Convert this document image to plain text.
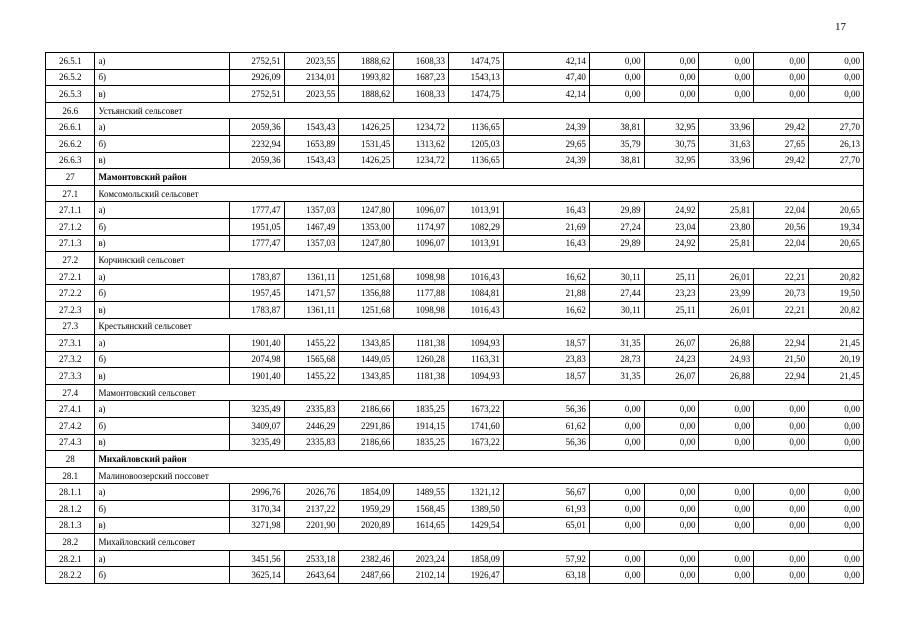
17
26.5.1	а)	2752,51	2023,55	1888,62	1608,33	1474,75	42,14	0,00	0,00	0,00	0,00	0,00
26.5.2	б)	2926,09	2134,01	1993,82	1687,23	1543,13	47,40	0,00	0,00	0,00	0,00	0,00
26.5.3	в)	2752,51	2023,55	1888,62	1608,33	1474,75	42,14	0,00	0,00	0,00	0,00	0,00
26.6	Устьянский сельсовет											
26.6.1	а)	2059,36	1543,43	1426,25	1234,72	1136,65	24,39	38,81	32,95	33,96	29,42	27,70
26.6.2	б)	2232,94	1653,89	1531,45	1313,62	1205,03	29,65	35,79	30,75	31,63	27,65	26,13
26.6.3	в)	2059,36	1543,43	1426,25	1234,72	1136,65	24,39	38,81	32,95	33,96	29,42	27,70
27	Мамонтовский район											
27.1	Комсомольский сельсовет											
27.1.1	а)	1777,47	1357,03	1247,80	1096,07	1013,91	16,43	29,89	24,92	25,81	22,04	20,65
27.1.2	б)	1951,05	1467,49	1353,00	1174,97	1082,29	21,69	27,24	23,04	23,80	20,56	19,34
27.1.3	в)	1777,47	1357,03	1247,80	1096,07	1013,91	16,43	29,89	24,92	25,81	22,04	20,65
27.2	Корчинский сельсовет											
27.2.1	а)	1783,87	1361,11	1251,68	1098,98	1016,43	16,62	30,11	25,11	26,01	22,21	20,82
27.2.2	б)	1957,45	1471,57	1356,88	1177,88	1084,81	21,88	27,44	23,23	23,99	20,73	19,50
27.2.3	в)	1783,87	1361,11	1251,68	1098,98	1016,43	16,62	30,11	25,11	26,01	22,21	20,82
27.3	Крестьянский сельсовет											
27.3.1	а)	1901,40	1455,22	1343,85	1181,38	1094,93	18,57	31,35	26,07	26,88	22,94	21,45
27.3.2	б)	2074,98	1565,68	1449,05	1260,28	1163,31	23,83	28,73	24,23	24,93	21,50	20,19
27.3.3	в)	1901,40	1455,22	1343,85	1181,38	1094,93	18,57	31,35	26,07	26,88	22,94	21,45
27.4	Мамонтовский сельсовет											
27.4.1	а)	3235,49	2335,83	2186,66	1835,25	1673,22	56,36	0,00	0,00	0,00	0,00	0,00
27.4.2	б)	3409,07	2446,29	2291,86	1914,15	1741,60	61,62	0,00	0,00	0,00	0,00	0,00
27.4.3	в)	3235,49	2335,83	2186,66	1835,25	1673,22	56,36	0,00	0,00	0,00	0,00	0,00
28	Михайловский район											
28.1	Малиновоозерский поссовет											
28.1.1	а)	2996,76	2026,76	1854,09	1489,55	1321,12	56,67	0,00	0,00	0,00	0,00	0,00
28.1.2	б)	3170,34	2137,22	1959,29	1568,45	1389,50	61,93	0,00	0,00	0,00	0,00	0,00
28.1.3	в)	3271,98	2201,90	2020,89	1614,65	1429,54	65,01	0,00	0,00	0,00	0,00	0,00
28.2	Михайловский сельсовет											
28.2.1	а)	3451,56	2533,18	2382,46	2023,24	1858,09	57,92	0,00	0,00	0,00	0,00	0,00
28.2.2	б)	3625,14	2643,64	2487,66	2102,14	1926,47	63,18	0,00	0,00	0,00	0,00	0,00
